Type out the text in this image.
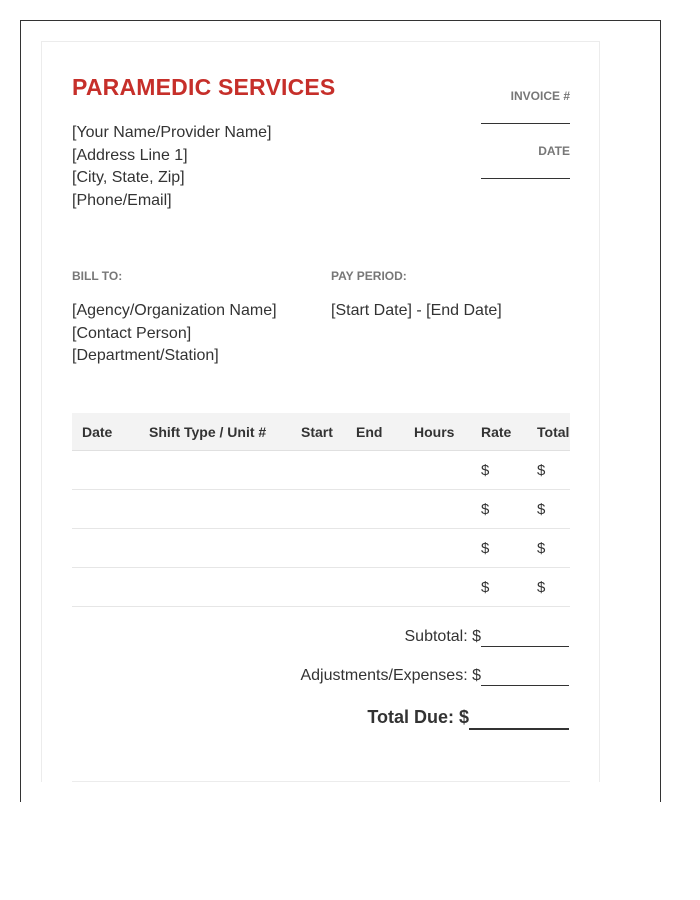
PARAMEDIC SERVICES
[Your Name/Provider Name]
[Address Line 1]
[City, State, Zip]
[Phone/Email]
INVOICE #
DATE
BILL TO:
[Agency/Organization Name]
[Contact Person]
[Department/Station]
PAY PERIOD:
[Start Date] - [End Date]
Date	Shift Type / Unit #	Start	End	Hours	Rate	Total
					$	$
					$	$
					$	$
					$	$
Subtotal: $
Adjustments/Expenses: $
Total Due: $
